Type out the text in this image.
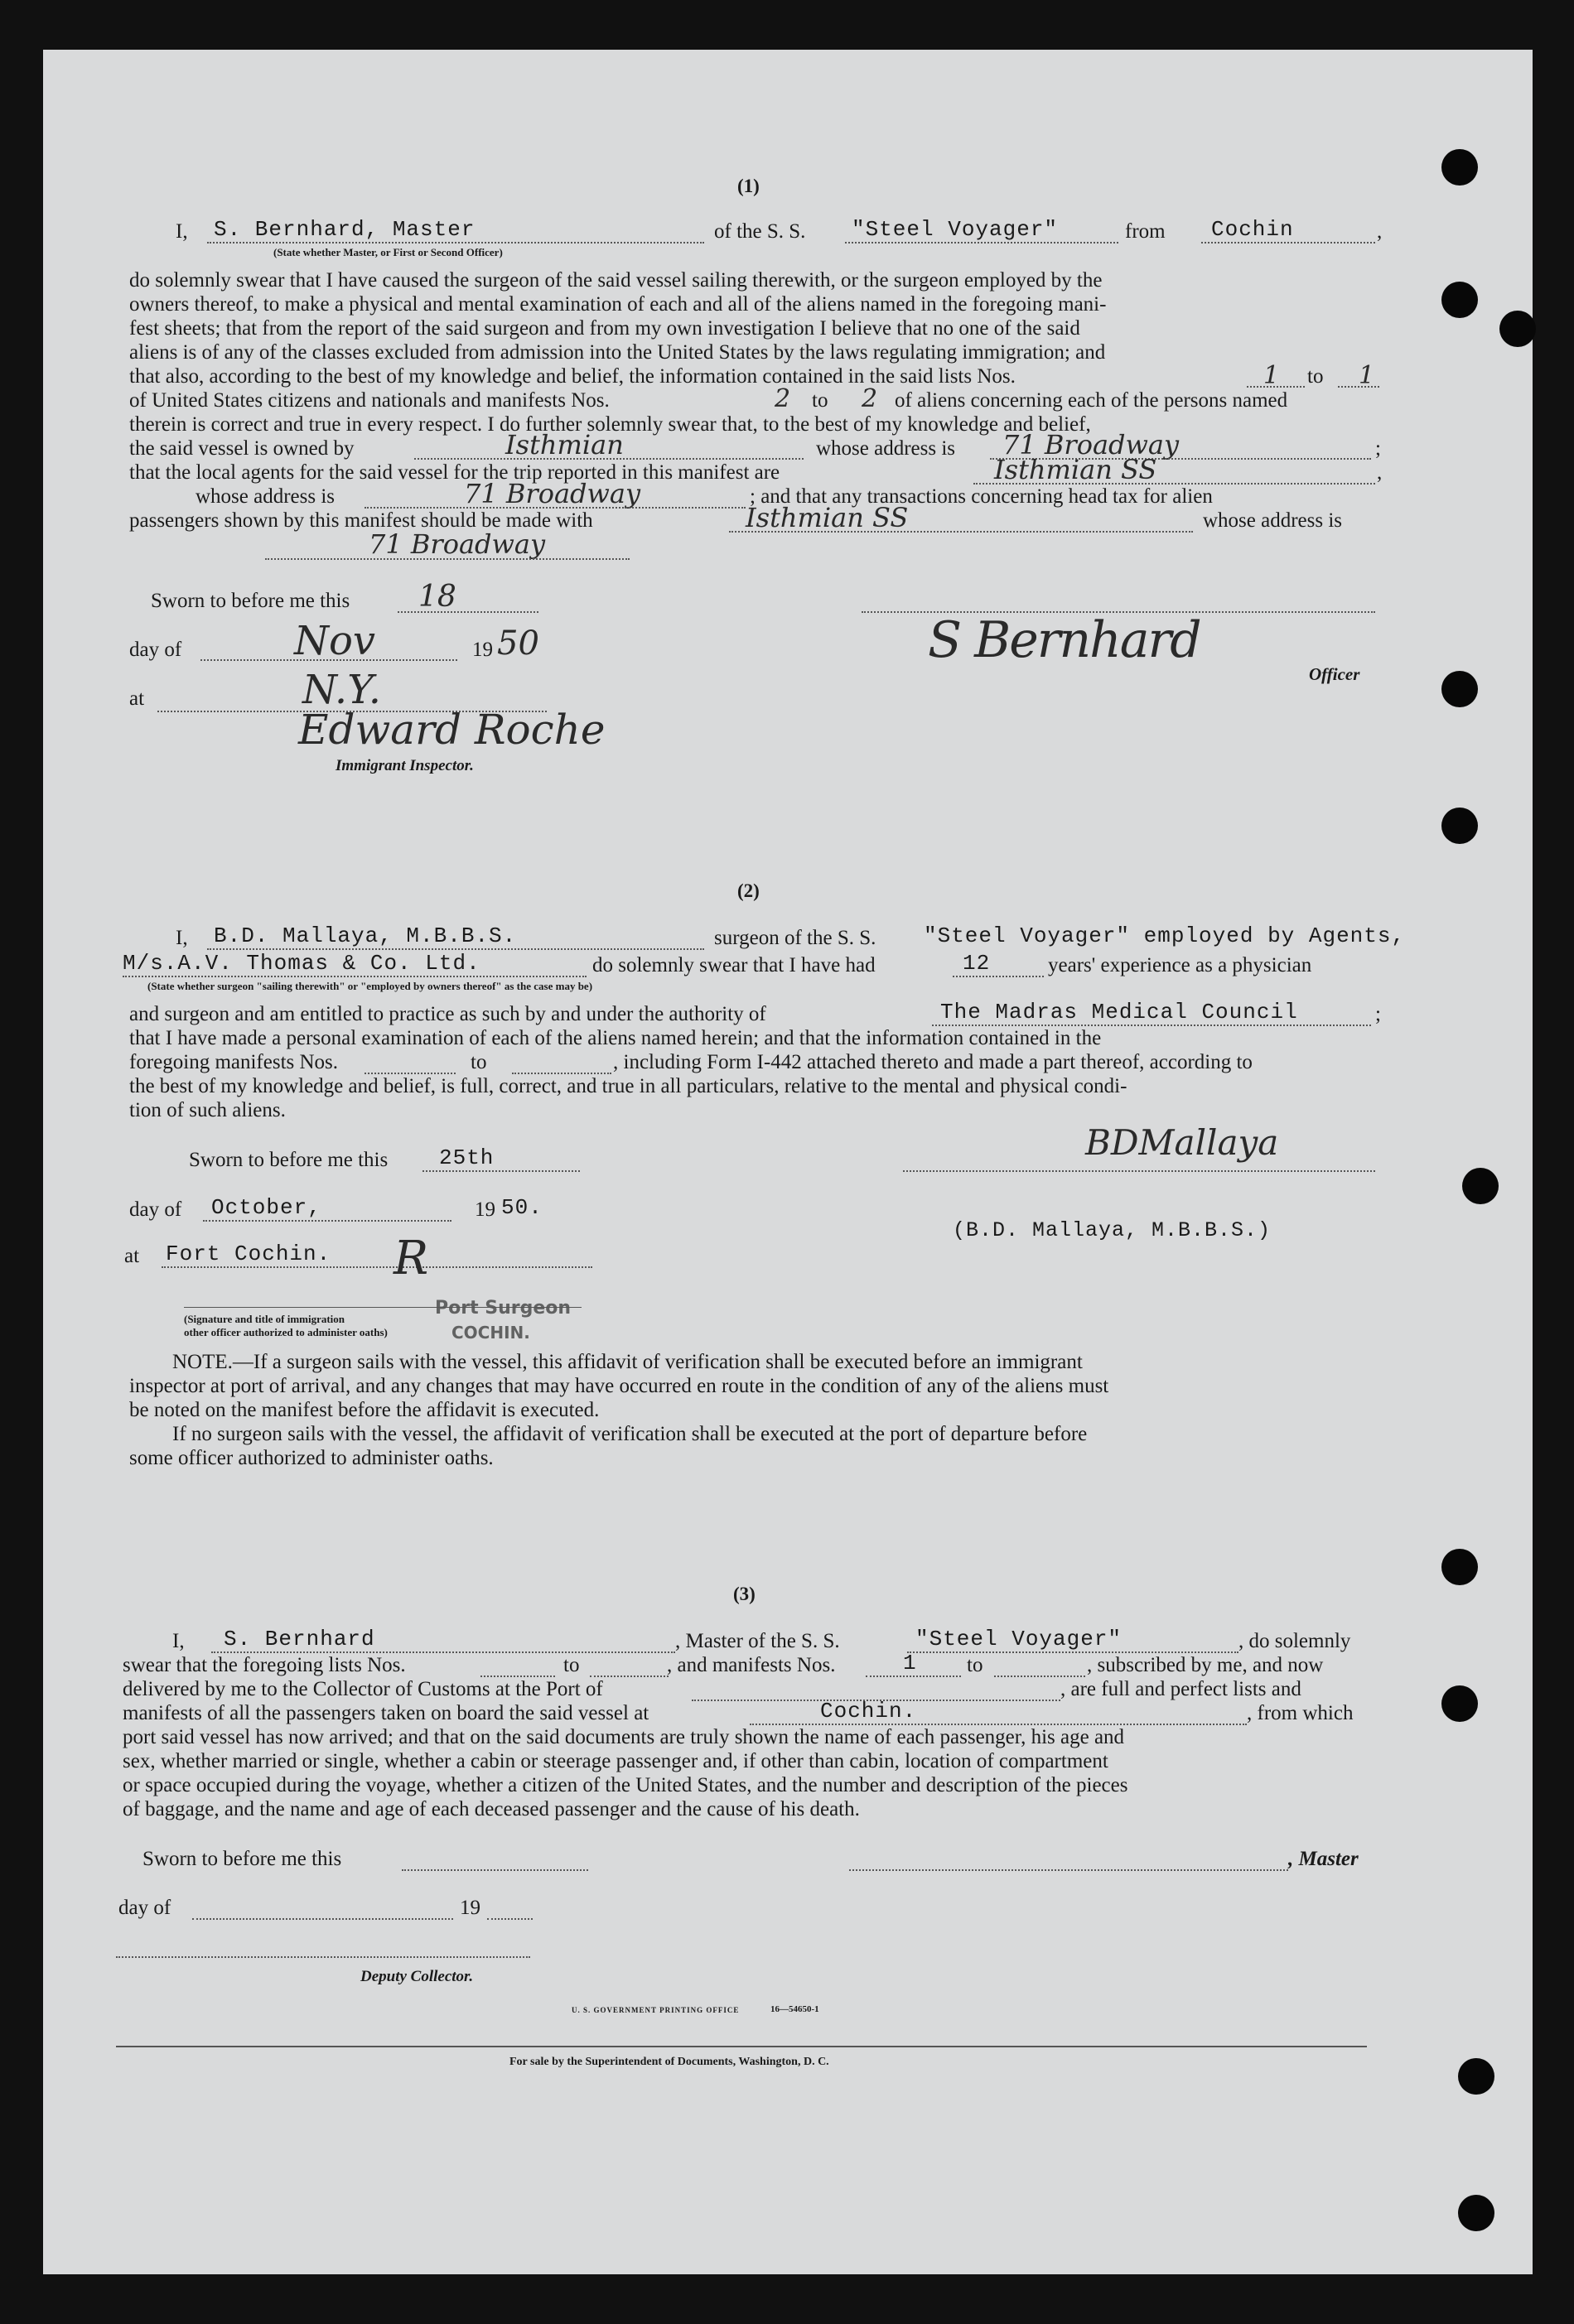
(1)
I, S. Bernhard, Master
(State whether Master, or First or Second Officer)
of the S. S. "Steel Voyager"	from Cochin	,
do solemnly swear that I have caused the surgeon of the said vessel sailing therewith, or the surgeon employed by the
owners thereof, to make a physical and mental examination of each and all of the aliens named in the foregoing mani-
fest sheets; that from the report of the said surgeon and from my own investigation I believe that no one of the said
aliens is of any of the classes excluded from admission into the United States by the laws regulating immigration; and
that also, according to the best of my knowledge and belief, the information contained in the said lists Nos.	1 to 1
of United States citizens and nationals and manifests Nos.	2 to 2 of aliens concerning each of the persons named
therein is correct and true in every respect. I do further solemnly swear that, to the best of my knowledge and belief,
the said vessel is owned by	Isthmian	whose address is 71 Broadway	;
that the local agents for the said vessel for the trip reported in this manifest are	Isthmian SS	,
whose address is	71 Broadway	; and that any transactions concerning head tax for alien
passengers shown by this manifest should be made with	Isthmian SS	whose address is
71 Broadway
Sworn to before me this 18
day of	Nov	19 50	S Bernhard
Officer
at	N.Y.
Edward Roche
Immigrant Inspector.
(2)
I, B.D. Mallaya, M.B.B.S.	surgeon of the S. S. "Steel Voyager" employed by Agents,
M/s.A.V. Thomas & Co. Ltd.	do solemnly swear that I have had	12	years' experience as a physician
(State whether surgeon "sailing therewith" or "employed by owners thereof" as the case may be)
and surgeon and am entitled to practice as such by and under the authority of	The Madras Medical Council	;
that I have made a personal examination of each of the aliens named herein; and that the information contained in the
foregoing manifests Nos.	to	, including Form I-442 attached thereto and made a part thereof, according to
the best of my knowledge and belief, is full, correct, and true in all particulars, relative to the mental and physical condi-
tion of such aliens.
Sworn to before me this 25th	BDMallaya
day of October,	19 50.
(B.D. Mallaya, M.B.B.S.)
at Fort Cochin. R
Port Surgeon
COCHIN.
(Signature and title of immigration
other officer authorized to administer oaths)
NOTE.—If a surgeon sails with the vessel, this affidavit of verification shall be executed before an immigrant
inspector at port of arrival, and any changes that may have occurred en route in the condition of any of the aliens must
be noted on the manifest before the affidavit is executed.
If no surgeon sails with the vessel, the affidavit of verification shall be executed at the port of departure before
some officer authorized to administer oaths.
(3)
I, S. Bernhard	, Master of the S. S.	"Steel Voyager"	, do solemnly
swear that the foregoing lists Nos.	to	, and manifests Nos.	1 to	, subscribed by me, and now
delivered by me to the Collector of Customs at the Port of	, are full and perfect lists and
manifests of all the passengers taken on board the said vessel at	Cochin.	, from which
port said vessel has now arrived; and that on the said documents are truly shown the name of each passenger, his age and
sex, whether married or single, whether a cabin or steerage passenger and, if other than cabin, location of compartment
or space occupied during the voyage, whether a citizen of the United States, and the number and description of the pieces
of baggage, and the name and age of each deceased passenger and the cause of his death.
Sworn to before me this	, Master
day of	19
Deputy Collector.
U. S. GOVERNMENT PRINTING OFFICE	16—54650-1
For sale by the Superintendent of Documents, Washington, D. C.
